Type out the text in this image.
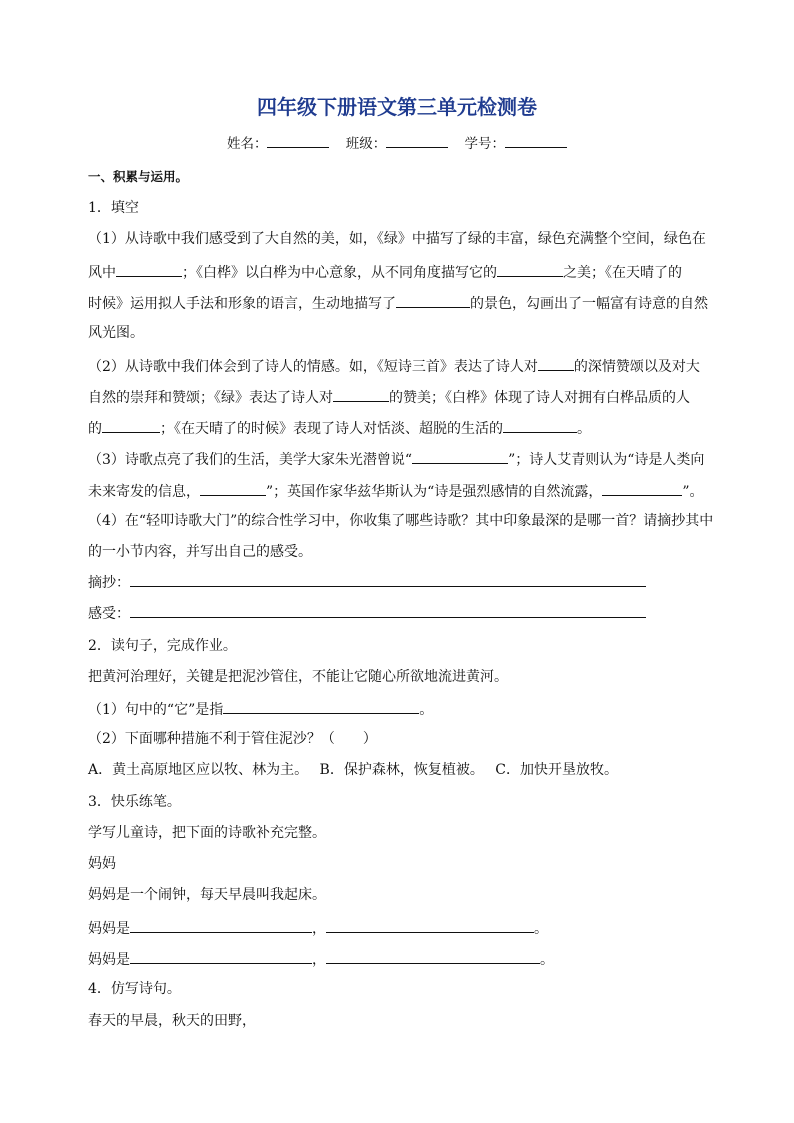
四年级下册语文第三单元检测卷
姓名：	班级：	学号：
一、积累与运用。
1．填空
（1）从诗歌中我们感受到了大自然的美，如，《绿》中描写了绿的丰富，绿色充满整个空间，绿色在
风中	；《白桦》以白桦为中心意象，从不同角度描写它的	之美；《在天晴了的
时候》运用拟人手法和形象的语言，生动地描写了	的景色，勾画出了一幅富有诗意的自然
风光图。
（2）从诗歌中我们体会到了诗人的情感。如，《短诗三首》表达了诗人对	的深情赞颂以及对大
自然的崇拜和赞颂；《绿》表达了诗人对	的赞美；《白桦》体现了诗人对拥有白桦品质的人
的	；《在天晴了的时候》表现了诗人对恬淡、超脱的生活的	。
（3）诗歌点亮了我们的生活，美学大家朱光潜曾说“	”；诗人艾青则认为“诗是人类向
未来寄发的信息，	”；英国作家华兹华斯认为“诗是强烈感情的自然流露，	”。
（4）在“轻叩诗歌大门”的综合性学习中，你收集了哪些诗歌？其中印象最深的是哪一首？请摘抄其中
的一小节内容，并写出自己的感受。
摘抄：
感受：
2．读句子，完成作业。
把黄河治理好，关键是把泥沙管住，不能让它随心所欲地流进黄河。
（1）句中的“它”是指	。
（2）下面哪种措施不利于管住泥沙？（　　）
A．黄土高原地区应以牧、林为主。　 B．保护森林，恢复植被。　 C．加快开垦放牧。
3．快乐练笔。
学写儿童诗，把下面的诗歌补充完整。
妈妈
妈妈是一个闹钟，每天早晨叫我起床。
妈妈是	，	。
妈妈是	，	。
4．仿写诗句。
春天的早晨，秋天的田野，
